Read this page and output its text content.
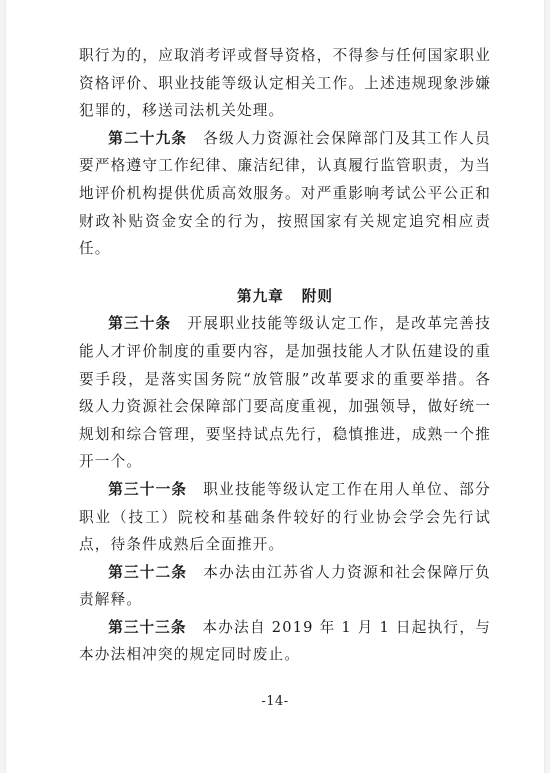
职行为的，应取消考评或督导资格，不得参与任何国家职业资格评价、职业技能等级认定相关工作。上述违规现象涉嫌犯罪的，移送司法机关处理。

第二十九条　 各级人力资源社会保障部门及其工作人员要严格遵守工作纪律、廉洁纪律，认真履行监管职责，为当地评价机构提供优质高效服务。对严重影响考试公平公正和财政补贴资金安全的行为，按照国家有关规定追究相应责任。

第九章 附则

第三十条　 开展职业技能等级认定工作，是改革完善技能人才评价制度的重要内容，是加强技能人才队伍建设的重要手段，是落实国务院“放管服”改革要求的重要举措。各级人力资源社会保障部门要高度重视，加强领导，做好统一规划和综合管理，要坚持试点先行，稳慎推进，成熟一个推开一个。

第三十一条　 职业技能等级认定工作在用人单位、部分职业（技工）院校和基础条件较好的行业协会学会先行试点，待条件成熟后全面推开。

第三十二条　 本办法由江苏省人力资源和社会保障厅负责解释。

第三十三条　 本办法自 2019 年 1 月 1 日起执行，与本办法相冲突的规定同时废止。

-14-
